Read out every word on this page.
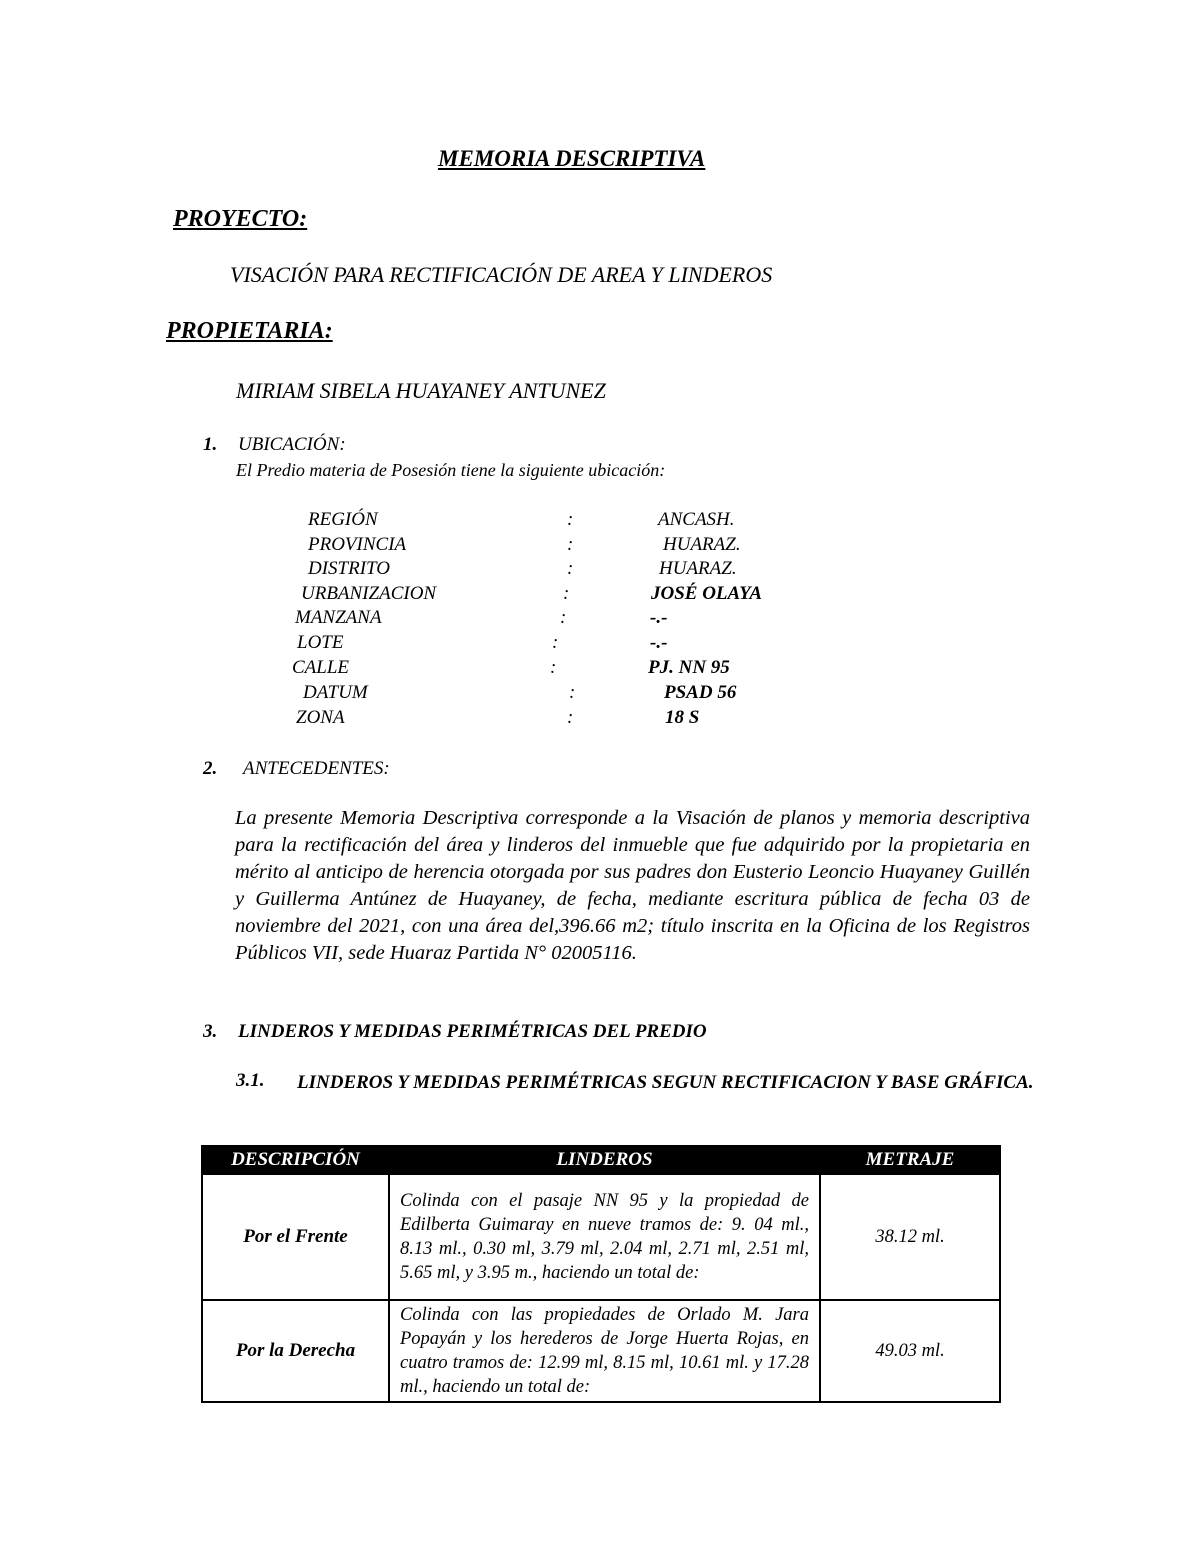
MEMORIA DESCRIPTIVA
PROYECTO:
VISACIÓN PARA RECTIFICACIÓN DE AREA Y LINDEROS
PROPIETARIA:
MIRIAM SIBELA HUAYANEY ANTUNEZ
1. UBICACIÓN:
El Predio materia de Posesión tiene la siguiente ubicación:
REGIÓN	:	ANCASH.
PROVINCIA	:	HUARAZ.
DISTRITO	:	HUARAZ.
URBANIZACION	:	JOSÉ OLAYA
MANZANA	:	-.-
LOTE	:	-.-
CALLE	:	PJ. NN 95
DATUM	:	PSAD 56
ZONA	:	18 S
2. ANTECEDENTES:
La presente Memoria Descriptiva corresponde a la Visación de planos y memoria descriptiva para la rectificación del área y linderos del inmueble que fue adquirido por la propietaria en mérito al anticipo de herencia otorgada por sus padres don Eusterio Leoncio Huayaney Guillén y Guillerma Antúnez de Huayaney, de fecha, mediante escritura pública de fecha 03 de noviembre del 2021, con una área del,396.66 m2; título inscrita en la Oficina de los Registros Públicos VII, sede Huaraz Partida N° 02005116.
3. LINDEROS Y MEDIDAS PERIMÉTRICAS DEL PREDIO
3.1. LINDEROS Y MEDIDAS PERIMÉTRICAS SEGUN RECTIFICACION Y BASE GRÁFICA.
DESCRIPCIÓN	LINDEROS	METRAJE
Por el Frente	Colinda con el pasaje NN 95 y la propiedad de Edilberta Guimaray en nueve tramos de: 9. 04 ml., 8.13 ml., 0.30 ml, 3.79 ml, 2.04 ml, 2.71 ml, 2.51 ml, 5.65 ml, y 3.95 m., haciendo un total de:	38.12 ml.
Por la Derecha	Colinda con las propiedades de Orlado M. Jara Popayán y los herederos de Jorge Huerta Rojas, en cuatro tramos de: 12.99 ml, 8.15 ml, 10.61 ml. y 17.28 ml., haciendo un total de:	49.03 ml.
